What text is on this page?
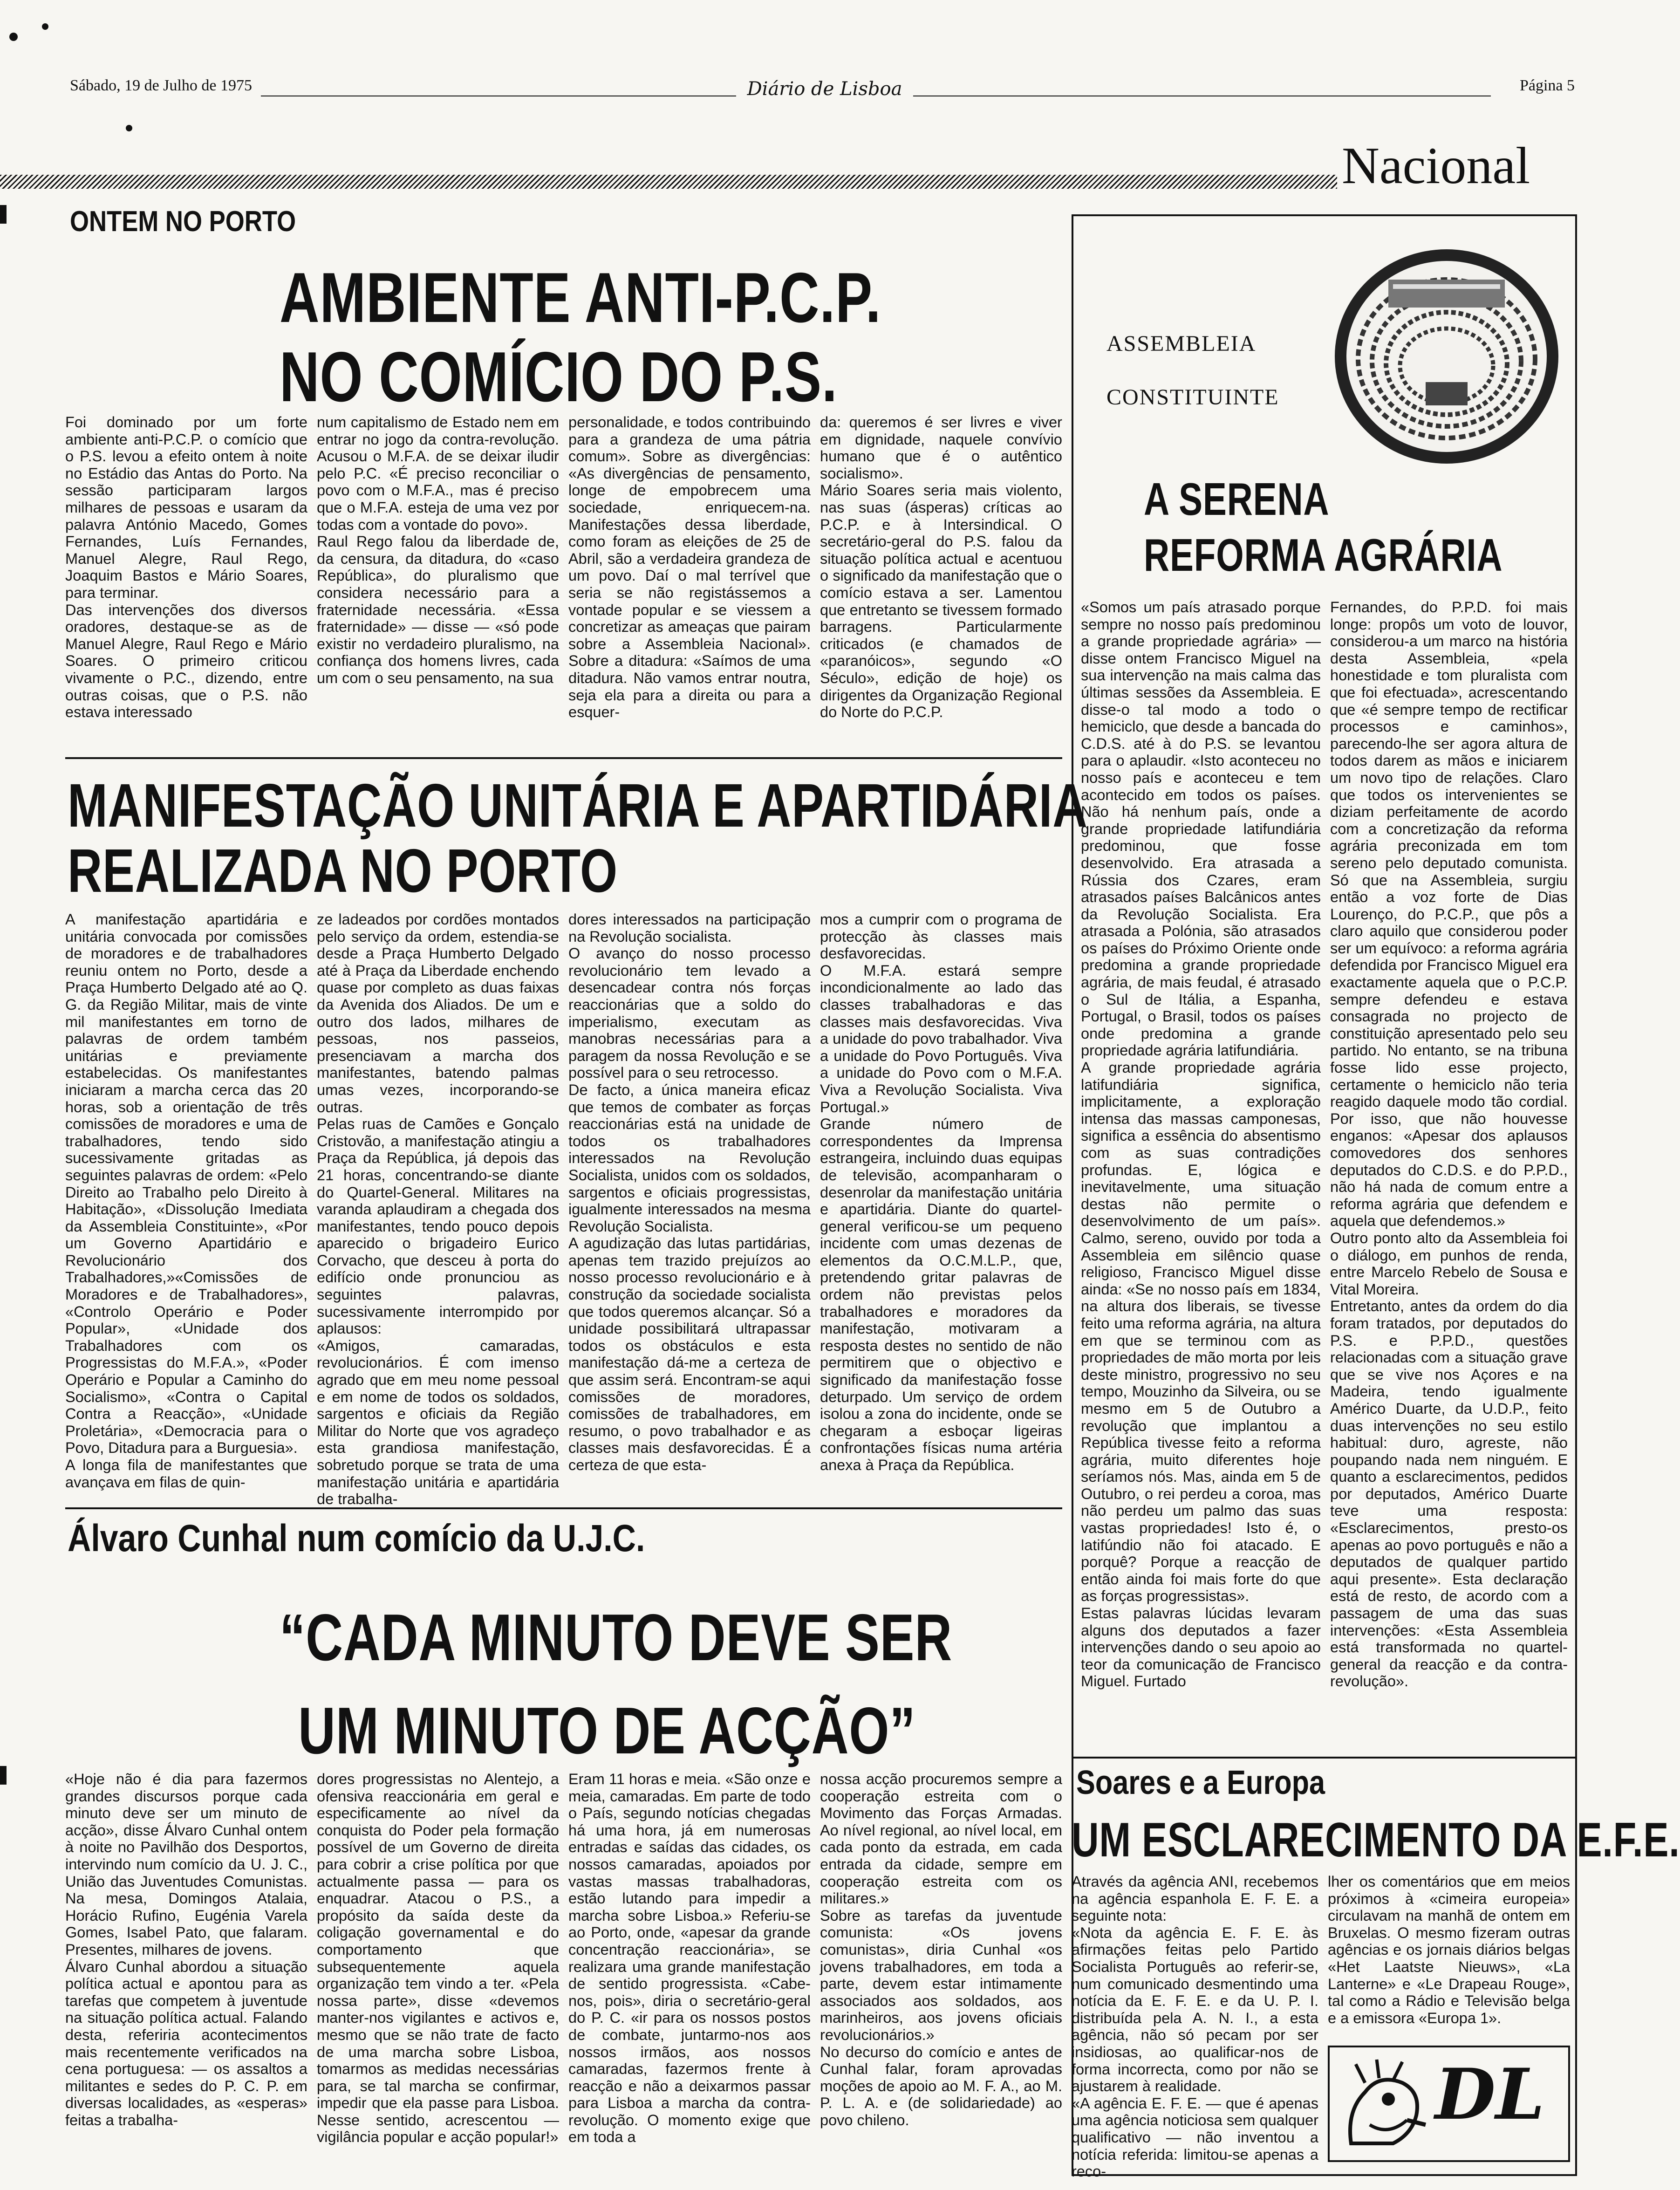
Sábado, 19 de Julho de 1975	Diário de Lisboa	Página 5
Nacional
ONTEM NO PORTO
AMBIENTE ANTI-P.C.P.
NO COMÍCIO DO P.S.
Foi dominado por um forte ambiente anti-P.C.P. o comício que o P.S. levou a efeito ontem à noite no Estádio das Antas do Porto. Na sessão participaram largos milhares de pessoas e usaram da palavra António Macedo, Gomes Fernandes, Luís Fernandes, Manuel Alegre, Raul Rego, Joaquim Bastos e Mário Soares, para terminar.
Das intervenções dos diversos oradores, destaque-se as de Manuel Alegre, Raul Rego e Mário Soares. O primeiro criticou vivamente o P.C., dizendo, entre outras coisas, que o P.S. não estava interessado
num capitalismo de Estado nem em entrar no jogo da contra-revolução. Acusou o M.F.A. de se deixar iludir pelo P.C. «É preciso reconciliar o povo com o M.F.A., mas é preciso que o M.F.A. esteja de uma vez por todas com a vontade do povo».
Raul Rego falou da liberdade de, da censura, da ditadura, do «caso República», do pluralismo que considera necessário para a fraternidade necessária. «Essa fraternidade» — disse — «só pode existir no verdadeiro pluralismo, na confiança dos homens livres, cada um com o seu pensamento, na sua
personalidade, e todos contribuindo para a grandeza de uma pátria comum». Sobre as divergências: «As divergências de pensamento, longe de empobrecem uma sociedade, enriquecem-na. Manifestações dessa liberdade, como foram as eleições de 25 de Abril, são a verdadeira grandeza de um povo. Daí o mal terrível que seria se não registássemos a vontade popular e se viessem a concretizar as ameaças que pairam sobre a Assembleia Nacional». Sobre a ditadura: «Saímos de uma ditadura. Não vamos entrar noutra, seja ela para a direita ou para a esquer-
da: queremos é ser livres e viver em dignidade, naquele convívio humano que é o autêntico socialismo».
Mário Soares seria mais violento, nas suas (ásperas) críticas ao P.C.P. e à Intersindical. O secretário-geral do P.S. falou da situação política actual e acentuou o significado da manifestação que o comício estava a ser. Lamentou que entretanto se tivessem formado barragens. Particularmente criticados (e chamados de «paranóicos», segundo «O Século», edição de hoje) os dirigentes da Organização Regional do Norte do P.C.P.
ASSEMBLEIA
CONSTITUINTE
A SERENA
REFORMA AGRÁRIA
«Somos um país atrasado porque sempre no nosso país predominou a grande propriedade agrária» — disse ontem Francisco Miguel na sua intervenção na mais calma das últimas sessões da Assembleia. E disse-o tal modo a todo o hemiciclo, que desde a bancada do C.D.S. até à do P.S. se levantou para o aplaudir. «Isto aconteceu no nosso país e aconteceu e tem acontecido em todos os países. Não há nenhum país, onde a grande propriedade latifundiária predominou, que fosse desenvolvido. Era atrasada a Rússia dos Czares, eram atrasados países Balcânicos antes da Revolução Socialista. Era atrasada a Polónia, são atrasados os países do Próximo Oriente onde predomina a grande propriedade agrária, de mais feudal, é atrasado o Sul de Itália, a Espanha, Portugal, o Brasil, todos os países onde predomina a grande propriedade agrária latifundiária.
A grande propriedade agrária latifundiária significa, implicitamente, a exploração intensa das massas camponesas, significa a essência do absentismo com as suas contradições profundas. E, lógica e inevitavelmente, uma situação destas não permite o desenvolvimento de um país». Calmo, sereno, ouvido por toda a Assembleia em silêncio quase religioso, Francisco Miguel disse ainda: «Se no nosso país em 1834, na altura dos liberais, se tivesse feito uma reforma agrária, na altura em que se terminou com as propriedades de mão morta por leis deste ministro, progressivo no seu tempo, Mouzinho da Silveira, ou se mesmo em 5 de Outubro a revolução que implantou a República tivesse feito a reforma agrária, muito diferentes hoje seríamos nós. Mas, ainda em 5 de Outubro, o rei perdeu a coroa, mas não perdeu um palmo das suas vastas propriedades! Isto é, o latifúndio não foi atacado. E porquê? Porque a reacção de então ainda foi mais forte do que as forças progressistas».
Estas palavras lúcidas levaram alguns dos deputados a fazer intervenções dando o seu apoio ao teor da comunicação de Francisco Miguel. Furtado
Fernandes, do P.P.D. foi mais longe: propôs um voto de louvor, considerou-a um marco na história desta Assembleia, «pela honestidade e tom pluralista com que foi efectuada», acrescentando que «é sempre tempo de rectificar processos e caminhos», parecendo-lhe ser agora altura de todos darem as mãos e iniciarem um novo tipo de relações. Claro que todos os intervenientes se diziam perfeitamente de acordo com a concretização da reforma agrária preconizada em tom sereno pelo deputado comunista. Só que na Assembleia, surgiu então a voz forte de Dias Lourenço, do P.C.P., que pôs a claro aquilo que considerou poder ser um equívoco: a reforma agrária defendida por Francisco Miguel era exactamente aquela que o P.C.P. sempre defendeu e estava consagrada no projecto de constituição apresentado pelo seu partido. No entanto, se na tribuna fosse lido esse projecto, certamente o hemiciclo não teria reagido daquele modo tão cordial. Por isso, que não houvesse enganos: «Apesar dos aplausos comovedores dos senhores deputados do C.D.S. e do P.P.D., não há nada de comum entre a reforma agrária que defendem e aquela que defendemos.»
Outro ponto alto da Assembleia foi o diálogo, em punhos de renda, entre Marcelo Rebelo de Sousa e Vital Moreira.
Entretanto, antes da ordem do dia foram tratados, por deputados do P.S. e P.P.D., questões relacionadas com a situação grave que se vive nos Açores e na Madeira, tendo igualmente Américo Duarte, da U.D.P., feito duas intervenções no seu estilo habitual: duro, agreste, não poupando nada nem ninguém. E quanto a esclarecimentos, pedidos por deputados, Américo Duarte teve uma resposta: «Esclarecimentos, presto-os apenas ao povo português e não a deputados de qualquer partido aqui presente». Esta declaração está de resto, de acordo com a passagem de uma das suas intervenções: «Esta Assembleia está transformada no quartel-general da reacção e da contra-revolução».
MANIFESTAÇÃO UNITÁRIA E APARTIDÁRIA
REALIZADA NO PORTO
A manifestação apartidária e unitária convocada por comissões de moradores e de trabalhadores reuniu ontem no Porto, desde a Praça Humberto Delgado até ao Q. G. da Região Militar, mais de vinte mil manifestantes em torno de palavras de ordem também unitárias e previamente estabelecidas. Os manifestantes iniciaram a marcha cerca das 20 horas, sob a orientação de três comissões de moradores e uma de trabalhadores, tendo sido sucessivamente gritadas as seguintes palavras de ordem: «Pelo Direito ao Trabalho pelo Direito à Habitação», «Dissolução Imediata da Assembleia Constituinte», «Por um Governo Apartidário e Revolucionário dos Trabalhadores,»«Comissões de Moradores e de Trabalhadores», «Controlo Operário e Poder Popular», «Unidade dos Trabalhadores com os Progressistas do M.F.A.», «Poder Operário e Popular a Caminho do Socialismo», «Contra o Capital Contra a Reacção», «Unidade Proletária», «Democracia para o Povo, Ditadura para a Burguesia».
A longa fila de manifestantes que avançava em filas de quin-
ze ladeados por cordões montados pelo serviço da ordem, estendia-se desde a Praça Humberto Delgado até à Praça da Liberdade enchendo quase por completo as duas faixas da Avenida dos Aliados. De um e outro dos lados, milhares de pessoas, nos passeios, presenciavam a marcha dos manifestantes, batendo palmas umas vezes, incorporando-se outras.
Pelas ruas de Camões e Gonçalo Cristovão, a manifestação atingiu a Praça da República, já depois das 21 horas, concentrando-se diante do Quartel-General. Militares na varanda aplaudiram a chegada dos manifestantes, tendo pouco depois aparecido o brigadeiro Eurico Corvacho, que desceu à porta do edifício onde pronunciou as seguintes palavras, sucessivamente interrompido por aplausos:
«Amigos, camaradas, revolucionários. É com imenso agrado que em meu nome pessoal e em nome de todos os soldados, sargentos e oficiais da Região Militar do Norte que vos agradeço esta grandiosa manifestação, sobretudo porque se trata de uma manifestação unitária e apartidária de trabalha-
dores interessados na participação na Revolução socialista.
O avanço do nosso processo revolucionário tem levado a desencadear contra nós forças reaccionárias que a soldo do imperialismo, executam as manobras necessárias para a paragem da nossa Revolução e se possível para o seu retrocesso.
De facto, a única maneira eficaz que temos de combater as forças reaccionárias está na unidade de todos os trabalhadores interessados na Revolução Socialista, unidos com os soldados, sargentos e oficiais progressistas, igualmente interessados na mesma Revolução Socialista.
A agudização das lutas partidárias, apenas tem trazido prejuízos ao nosso processo revolucionário e à construção da sociedade socialista que todos queremos alcançar. Só a unidade possibilitará ultrapassar todos os obstáculos e esta manifestação dá-me a certeza de que assim será. Encontram-se aqui comissões de moradores, comissões de trabalhadores, em resumo, o povo trabalhador e as classes mais desfavorecidas. É a certeza de que esta-
mos a cumprir com o programa de protecção às classes mais desfavorecidas.
O M.F.A. estará sempre incondicionalmente ao lado das classes trabalhadoras e das classes mais desfavorecidas. Viva a unidade do povo trabalhador. Viva a unidade do Povo Português. Viva a unidade do Povo com o M.F.A. Viva a Revolução Socialista. Viva Portugal.»
Grande número de correspondentes da Imprensa estrangeira, incluindo duas equipas de televisão, acompanharam o desenrolar da manifestação unitária e apartidária. Diante do quartel-general verificou-se um pequeno incidente com umas dezenas de elementos da O.C.M.L.P., que, pretendendo gritar palavras de ordem não previstas pelos trabalhadores e moradores da manifestação, motivaram a resposta destes no sentido de não permitirem que o objectivo e significado da manifestação fosse deturpado. Um serviço de ordem isolou a zona do incidente, onde se chegaram a esboçar ligeiras confrontações físicas numa artéria anexa à Praça da República.
Álvaro Cunhal num comício da U.J.C.
“CADA MINUTO DEVE SER
UM MINUTO DE ACÇÃO”
«Hoje não é dia para fazermos grandes discursos porque cada minuto deve ser um minuto de acção», disse Álvaro Cunhal ontem à noite no Pavilhão dos Desportos, intervindo num comício da U. J. C., União das Juventudes Comunistas. Na mesa, Domingos Atalaia, Horácio Rufino, Eugénia Varela Gomes, Isabel Pato, que falaram. Presentes, milhares de jovens.
Álvaro Cunhal abordou a situação política actual e apontou para as tarefas que competem à juventude na situação política actual. Falando desta, referiria acontecimentos mais recentemente verificados na cena portuguesa: — os assaltos a militantes e sedes do P. C. P. em diversas localidades, as «esperas» feitas a trabalha-
dores progressistas no Alentejo, a ofensiva reaccionária em geral e especificamente ao nível da conquista do Poder pela formação possível de um Governo de direita para cobrir a crise política por que actualmente passa — para os enquadrar. Atacou o P.S., a propósito da saída deste da coligação governamental e do comportamento que subsequentemente aquela organização tem vindo a ter. «Pela nossa parte», disse «devemos manter-nos vigilantes e activos e, mesmo que se não trate de facto de uma marcha sobre Lisboa, tomarmos as medidas necessárias para, se tal marcha se confirmar, impedir que ela passe para Lisboa. Nesse sentido, acrescentou — vigilância popular e acção popular!»
Eram 11 horas e meia. «São onze e meia, camaradas. Em parte de todo o País, segundo notícias chegadas há uma hora, já em numerosas entradas e saídas das cidades, os nossos camaradas, apoiados por vastas massas trabalhadoras, estão lutando para impedir a marcha sobre Lisboa.» Referiu-se ao Porto, onde, «apesar da grande concentração reaccionária», se realizara uma grande manifestação de sentido progressista. «Cabe-nos, pois», diria o secretário-geral do P. C. «ir para os nossos postos de combate, juntarmo-nos aos nossos irmãos, aos nossos camaradas, fazermos frente à reacção e não a deixarmos passar para Lisboa a marcha da contra-revolução. O momento exige que em toda a
nossa acção procuremos sempre a cooperação estreita com o Movimento das Forças Armadas. Ao nível regional, ao nível local, em cada ponto da estrada, em cada entrada da cidade, sempre em cooperação estreita com os militares.»
Sobre as tarefas da juventude comunista: «Os jovens comunistas», diria Cunhal «os jovens trabalhadores, em toda a parte, devem estar intimamente associados aos soldados, aos marinheiros, aos jovens oficiais revolucionários.»
No decurso do comício e antes de Cunhal falar, foram aprovadas moções de apoio ao M. F. A., ao M. P. L. A. e (de solidariedade) ao povo chileno.
Soares e a Europa
UM ESCLARECIMENTO DA E.F.E.
Através da agência ANI, recebemos na agência espanhola E. F. E. a seguinte nota:
«Nota da agência E. F. E. às afirmações feitas pelo Partido Socialista Português ao referir-se, num comunicado desmentindo uma notícia da E. F. E. e da U. P. I. distribuída pela A. N. I., a esta agência, não só pecam por ser insidiosas, ao qualificar-nos de forma incorrecta, como por não se ajustarem à realidade.
«A agência E. F. E. — que é apenas uma agência noticiosa sem qualquer qualificativo — não inventou a notícia referida: limitou-se apenas a reco-
lher os comentários que em meios próximos à «cimeira europeia» circulavam na manhã de ontem em Bruxelas. O mesmo fizeram outras agências e os jornais diários belgas «Het Laatste Nieuws», «La Lanterne» e «Le Drapeau Rouge», tal como a Rádio e Televisão belga e a emissora «Europa 1».
DL
